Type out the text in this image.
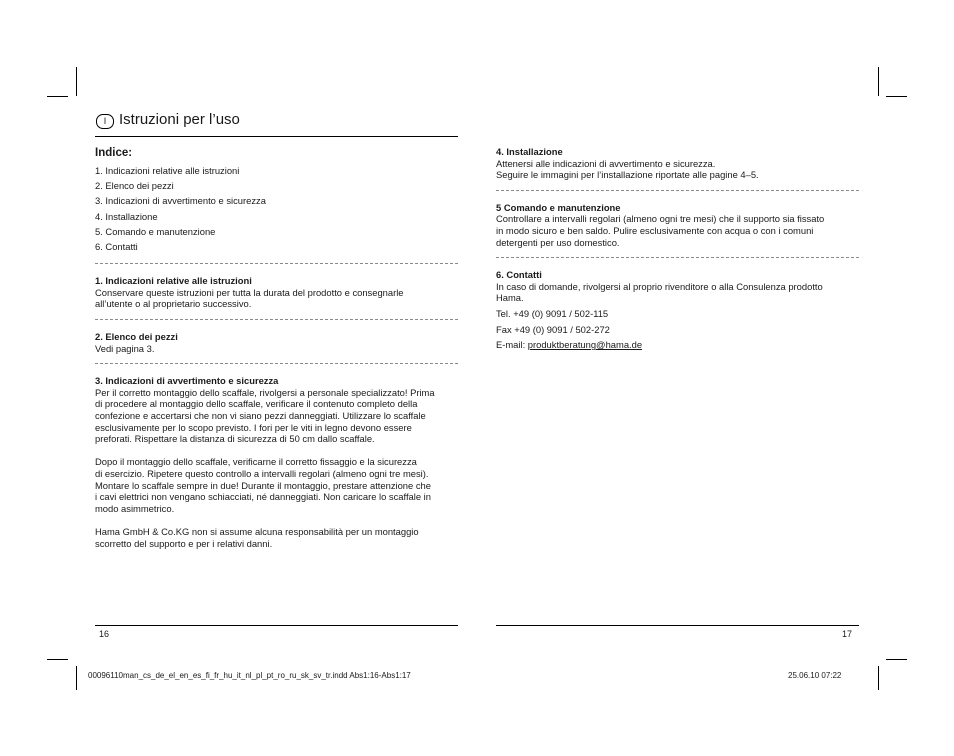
I Istruzioni per l’uso

Indice:

1. Indicazioni relative alle istruzioni

2. Elenco dei pezzi

3. Indicazioni di avvertimento e sicurezza

4. Installazione

5. Comando e manutenzione

6. Contatti

1. Indicazioni relative alle istruzioni

Conservare queste istruzioni per tutta la durata del prodotto e consegnarle

all’utente o al proprietario successivo.

2. Elenco dei pezzi

Vedi pagina 3.

3. Indicazioni di avvertimento e sicurezza

Per il corretto montaggio dello scaffale, rivolgersi a personale specializzato! Prima

di procedere al montaggio dello scaffale, verificare il contenuto completo della

confezione e accertarsi che non vi siano pezzi danneggiati. Utilizzare lo scaffale

esclusivamente per lo scopo previsto. I fori per le viti in legno devono essere

preforati. Rispettare la distanza di sicurezza di 50 cm dallo scaffale.

Dopo il montaggio dello scaffale, verificarne il corretto fissaggio e la sicurezza

di esercizio. Ripetere questo controllo a intervalli regolari (almeno ogni tre mesi).

Montare lo scaffale sempre in due! Durante il montaggio, prestare attenzione che

i cavi elettrici non vengano schiacciati, né danneggiati. Non caricare lo scaffale in

modo asimmetrico.

Hama GmbH & Co.KG non si assume alcuna responsabilità per un montaggio

scorretto del supporto e per i relativi danni.

4. Installazione

Attenersi alle indicazioni di avvertimento e sicurezza.

Seguire le immagini per l’installazione riportate alle pagine 4–5.

5 Comando e manutenzione

Controllare a intervalli regolari (almeno ogni tre mesi) che il supporto sia fissato

in modo sicuro e ben saldo. Pulire esclusivamente con acqua o con i comuni

detergenti per uso domestico.

6. Contatti

In caso di domande, rivolgersi al proprio rivenditore o alla Consulenza prodotto

Hama.

Tel. +49 (0) 9091 / 502-115

Fax +49 (0) 9091 / 502-272

E-mail: produktberatung@hama.de

16	17
00096110man_cs_de_el_en_es_fi_fr_hu_it_nl_pl_pt_ro_ru_sk_sv_tr.indd Abs1:16-Abs1:17	25.06.10 07:22
